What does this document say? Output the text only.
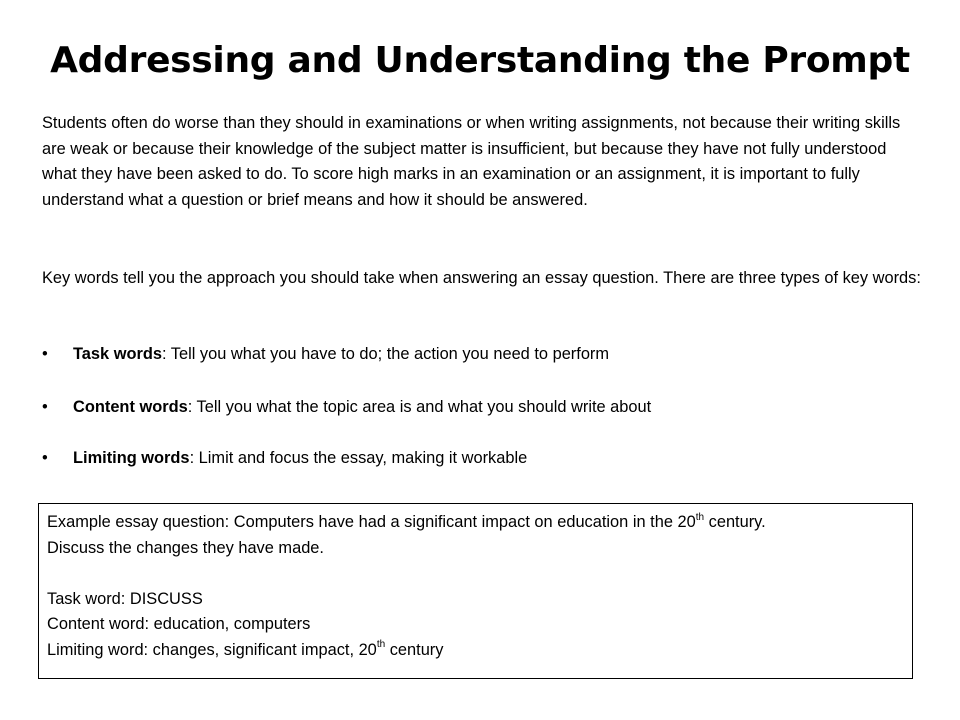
Addressing and Understanding the Prompt

Students often do worse than they should in examinations or when writing assignments, not because their writing skills are weak or because their knowledge of the subject matter is insufficient, but because they have not fully understood what they have been asked to do. To score high marks in an examination or an assignment, it is important to fully understand what a question or brief means and how it should be answered.

Key words tell you the approach you should take when answering an essay question. There are three types of key words:

• Task words: Tell you what you have to do; the action you need to perform
• Content words: Tell you what the topic area is and what you should write about
• Limiting words: Limit and focus the essay, making it workable
Example essay question: Computers have had a significant impact on education in the 20th century.
Discuss the changes they have made.
Task word: DISCUSS
Content word: education, computers
Limiting word: changes, significant impact, 20th century
